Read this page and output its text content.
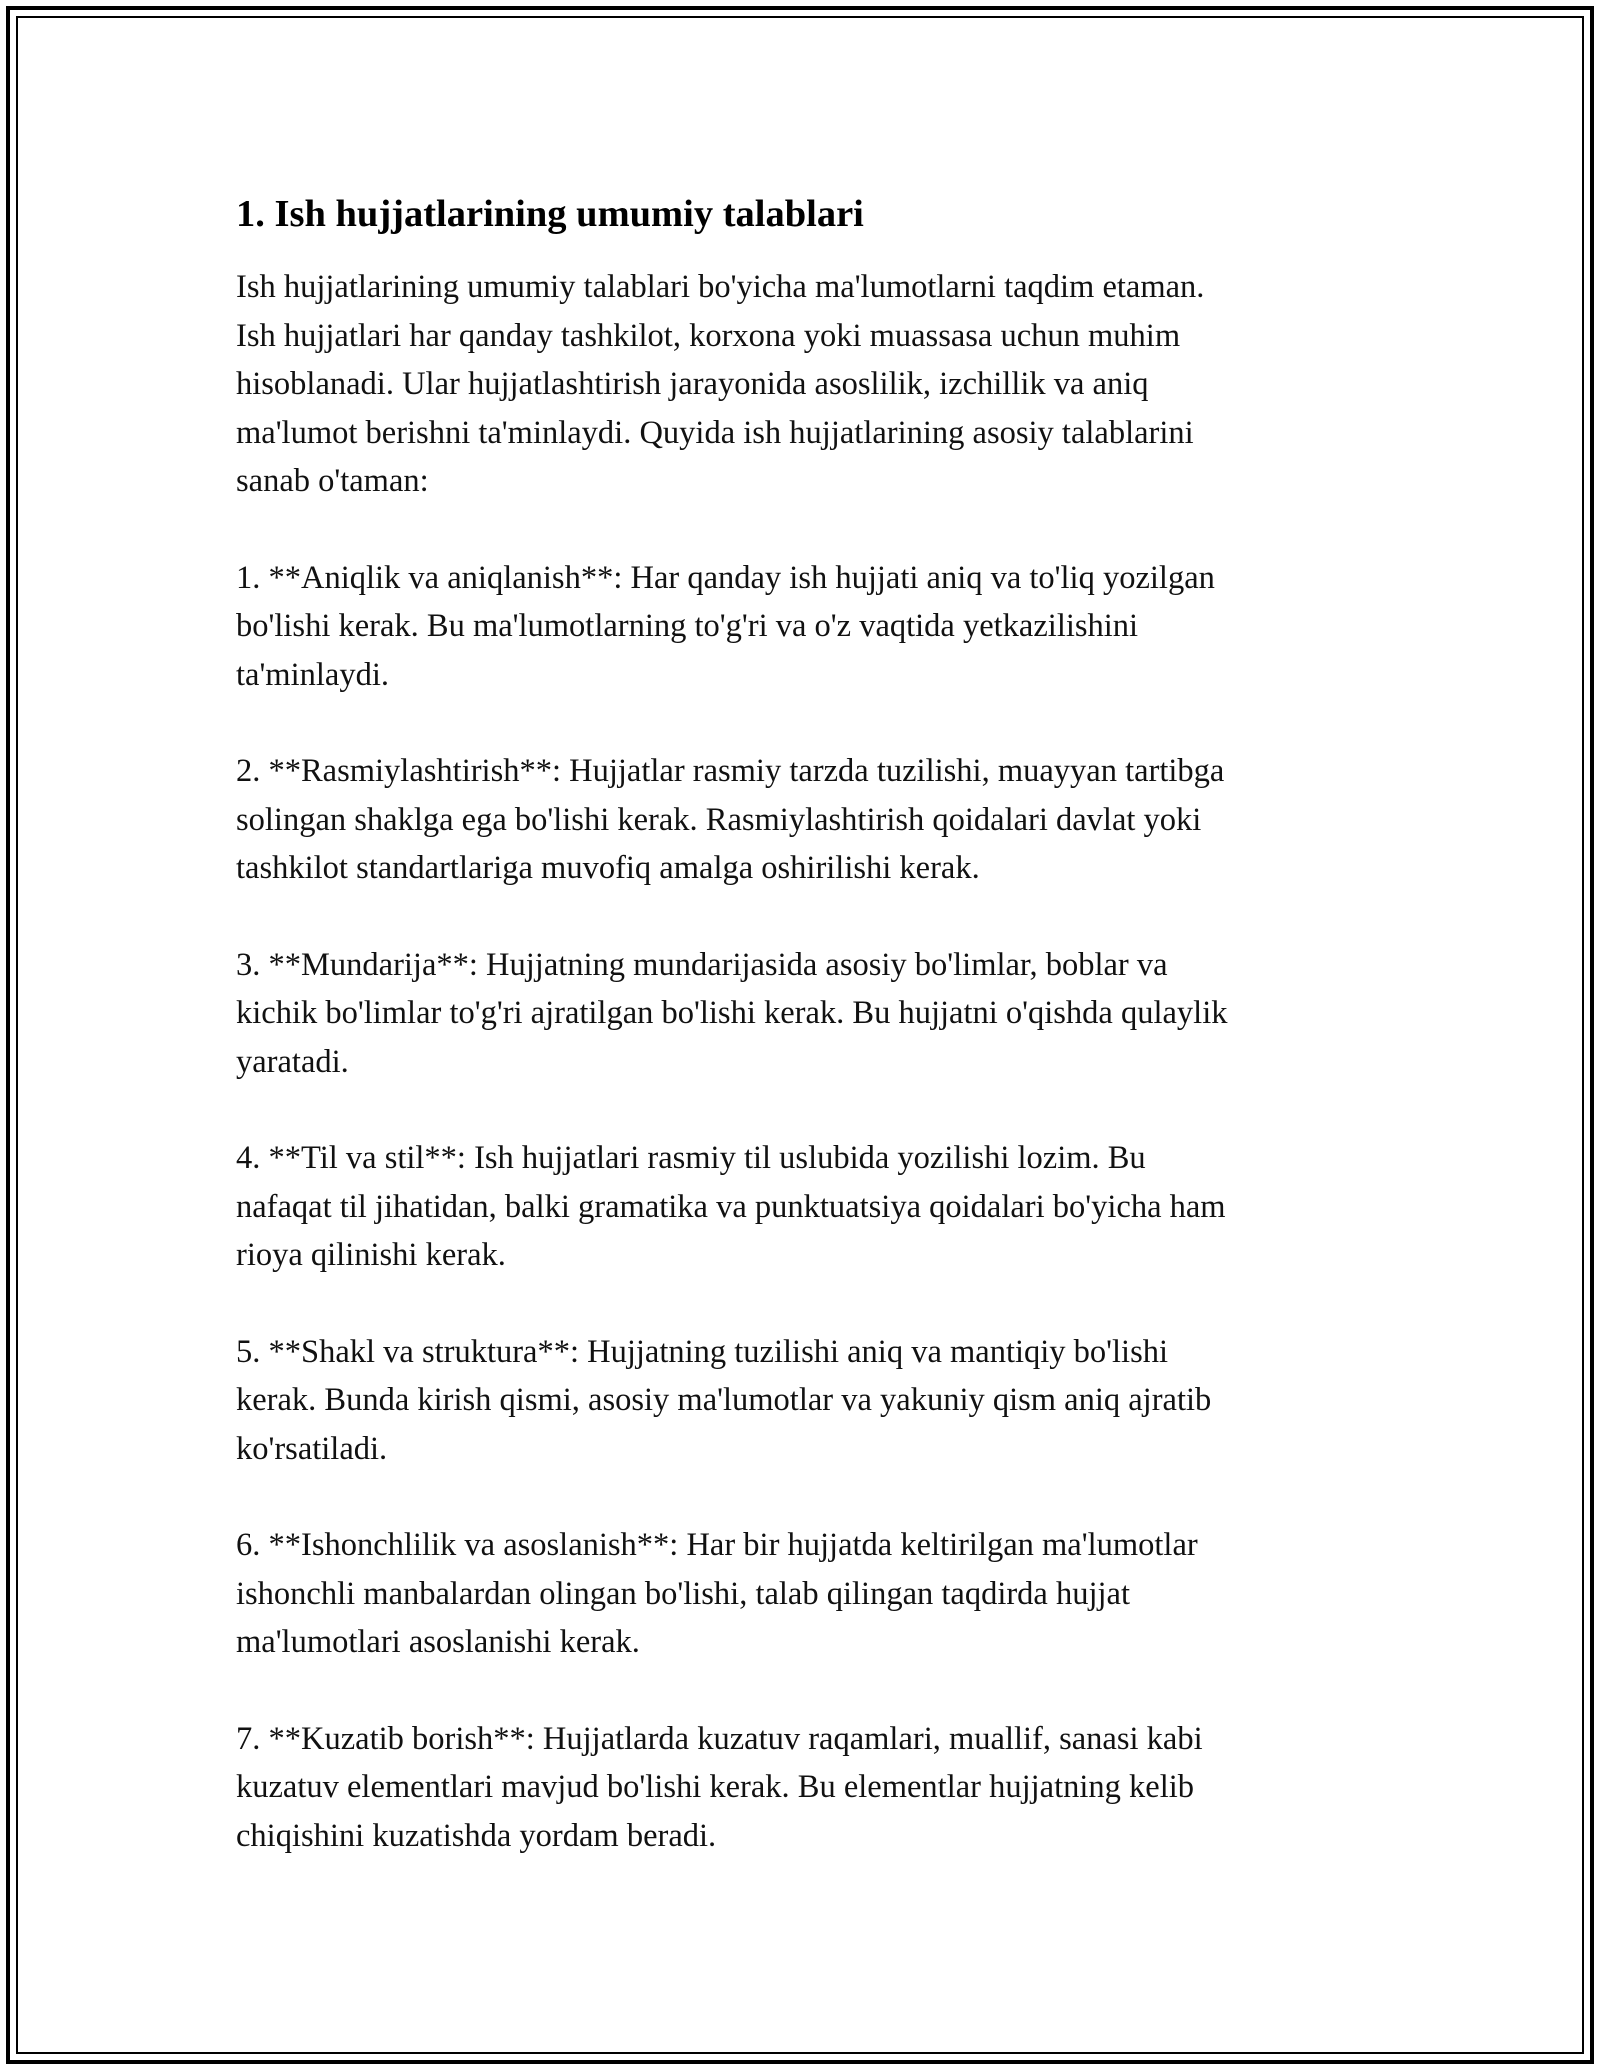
1. Ish hujjatlarining umumiy talablari

Ish hujjatlarining umumiy talablari bo'yicha ma'lumotlarni taqdim etaman.
Ish hujjatlari har qanday tashkilot, korxona yoki muassasa uchun muhim
hisoblanadi. Ular hujjatlashtirish jarayonida asoslilik, izchillik va aniq
ma'lumot berishni ta'minlaydi. Quyida ish hujjatlarining asosiy talablarini
sanab o'taman:

1. **Aniqlik va aniqlanish**: Har qanday ish hujjati aniq va to'liq yozilgan
bo'lishi kerak. Bu ma'lumotlarning to'g'ri va o'z vaqtida yetkazilishini
ta'minlaydi.

2. **Rasmiylashtirish**: Hujjatlar rasmiy tarzda tuzilishi, muayyan tartibga
solingan shaklga ega bo'lishi kerak. Rasmiylashtirish qoidalari davlat yoki
tashkilot standartlariga muvofiq amalga oshirilishi kerak.

3. **Mundarija**: Hujjatning mundarijasida asosiy bo'limlar, boblar va
kichik bo'limlar to'g'ri ajratilgan bo'lishi kerak. Bu hujjatni o'qishda qulaylik
yaratadi.

4. **Til va stil**: Ish hujjatlari rasmiy til uslubida yozilishi lozim. Bu
nafaqat til jihatidan, balki gramatika va punktuatsiya qoidalari bo'yicha ham
rioya qilinishi kerak.

5. **Shakl va struktura**: Hujjatning tuzilishi aniq va mantiqiy bo'lishi
kerak. Bunda kirish qismi, asosiy ma'lumotlar va yakuniy qism aniq ajratib
ko'rsatiladi.

6. **Ishonchlilik va asoslanish**: Har bir hujjatda keltirilgan ma'lumotlar
ishonchli manbalardan olingan bo'lishi, talab qilingan taqdirda hujjat
ma'lumotlari asoslanishi kerak.

7. **Kuzatib borish**: Hujjatlarda kuzatuv raqamlari, muallif, sanasi kabi
kuzatuv elementlari mavjud bo'lishi kerak. Bu elementlar hujjatning kelib
chiqishini kuzatishda yordam beradi.
